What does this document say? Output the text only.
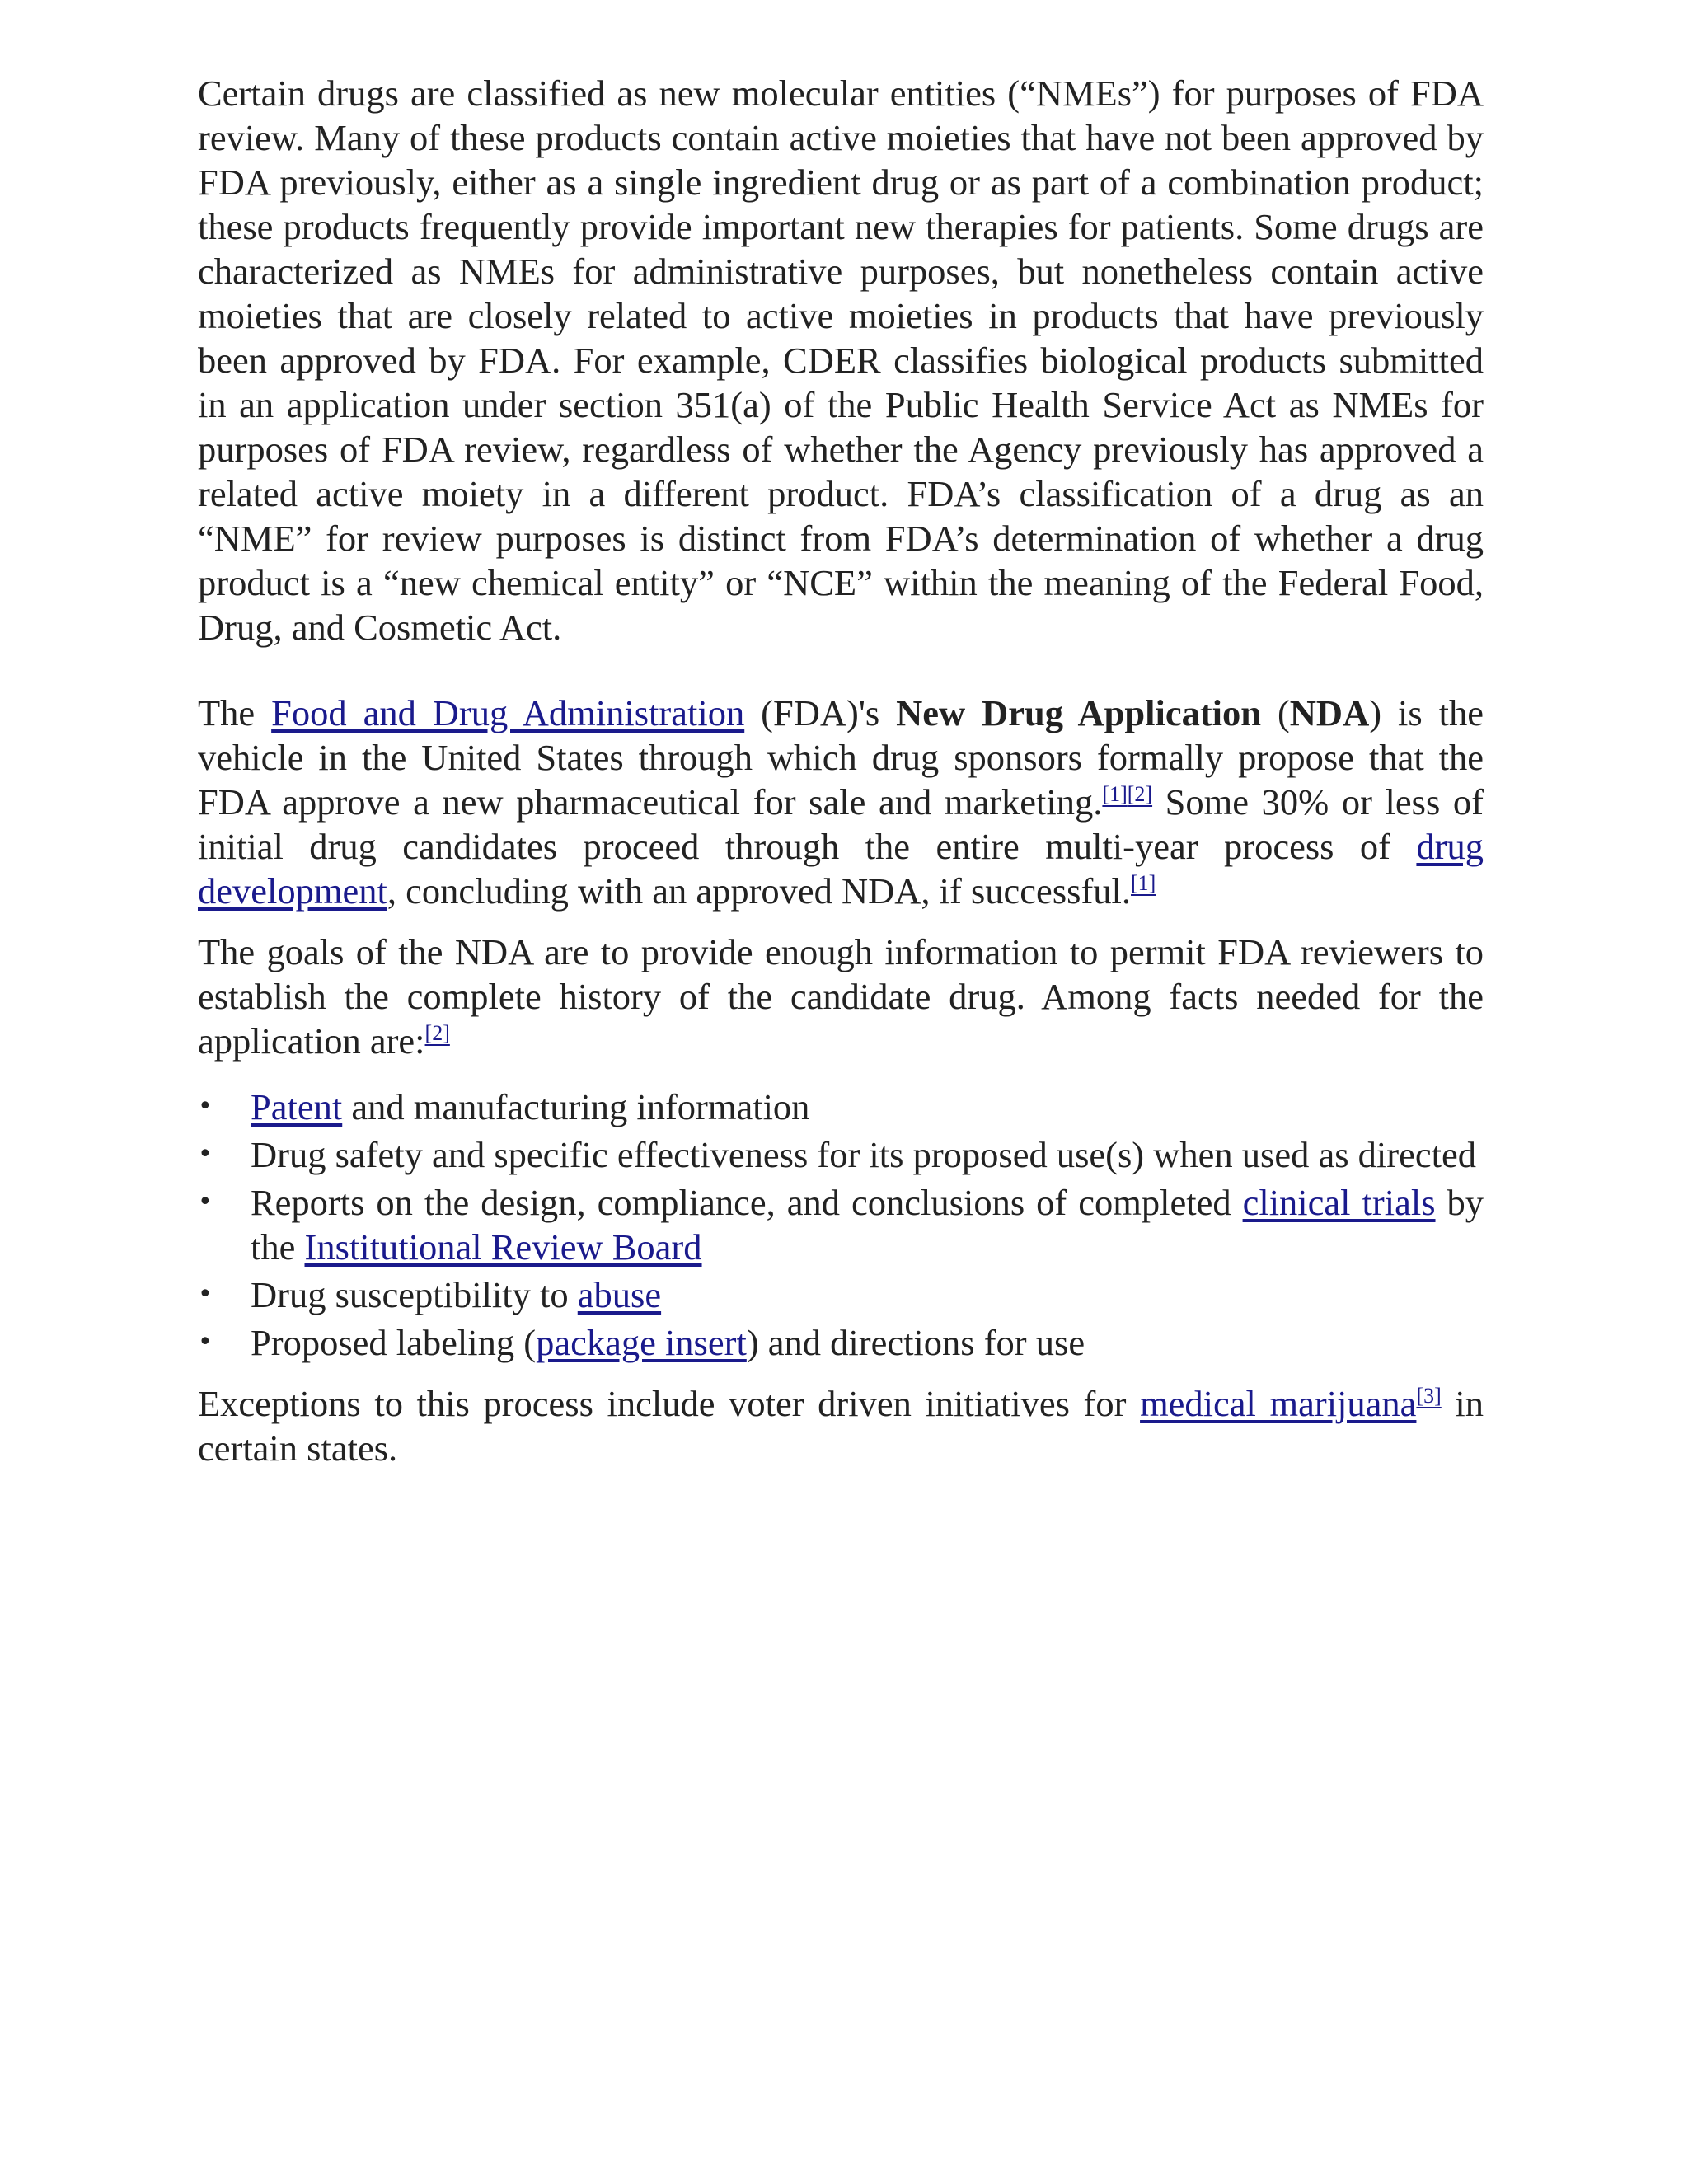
Certain drugs are classified as new molecular entities (“NMEs”) for purposes of FDA review. Many of these products contain active moieties that have not been approved by FDA previously, either as a single ingredient drug or as part of a combination product; these products frequently provide important new therapies for patients. Some drugs are characterized as NMEs for administrative purposes, but nonetheless contain active moieties that are closely related to active moieties in products that have previously been approved by FDA. For example, CDER classifies biological products submitted in an application under section 351(a) of the Public Health Service Act as NMEs for purposes of FDA review, regardless of whether the Agency previously has approved a related active moiety in a different product. FDA’s classification of a drug as an “NME” for review purposes is distinct from FDA’s determination of whether a drug product is a “new chemical entity” or “NCE” within the meaning of the Federal Food, Drug, and Cosmetic Act.

The Food and Drug Administration (FDA)'s New Drug Application (NDA) is the vehicle in the United States through which drug sponsors formally propose that the FDA approve a new pharmaceutical for sale and marketing.[1][2] Some 30% or less of initial drug candidates proceed through the entire multi-year process of drug development, concluding with an approved NDA, if successful.[1]

The goals of the NDA are to provide enough information to permit FDA reviewers to establish the complete history of the candidate drug. Among facts needed for the application are:[2]

•	Patent and manufacturing information
•	Drug safety and specific effectiveness for its proposed use(s) when used as directed
•	Reports on the design, compliance, and conclusions of completed clinical trials by the Institutional Review Board
•	Drug susceptibility to abuse
•	Proposed labeling (package insert) and directions for use

Exceptions to this process include voter driven initiatives for medical marijuana[3] in certain states.
